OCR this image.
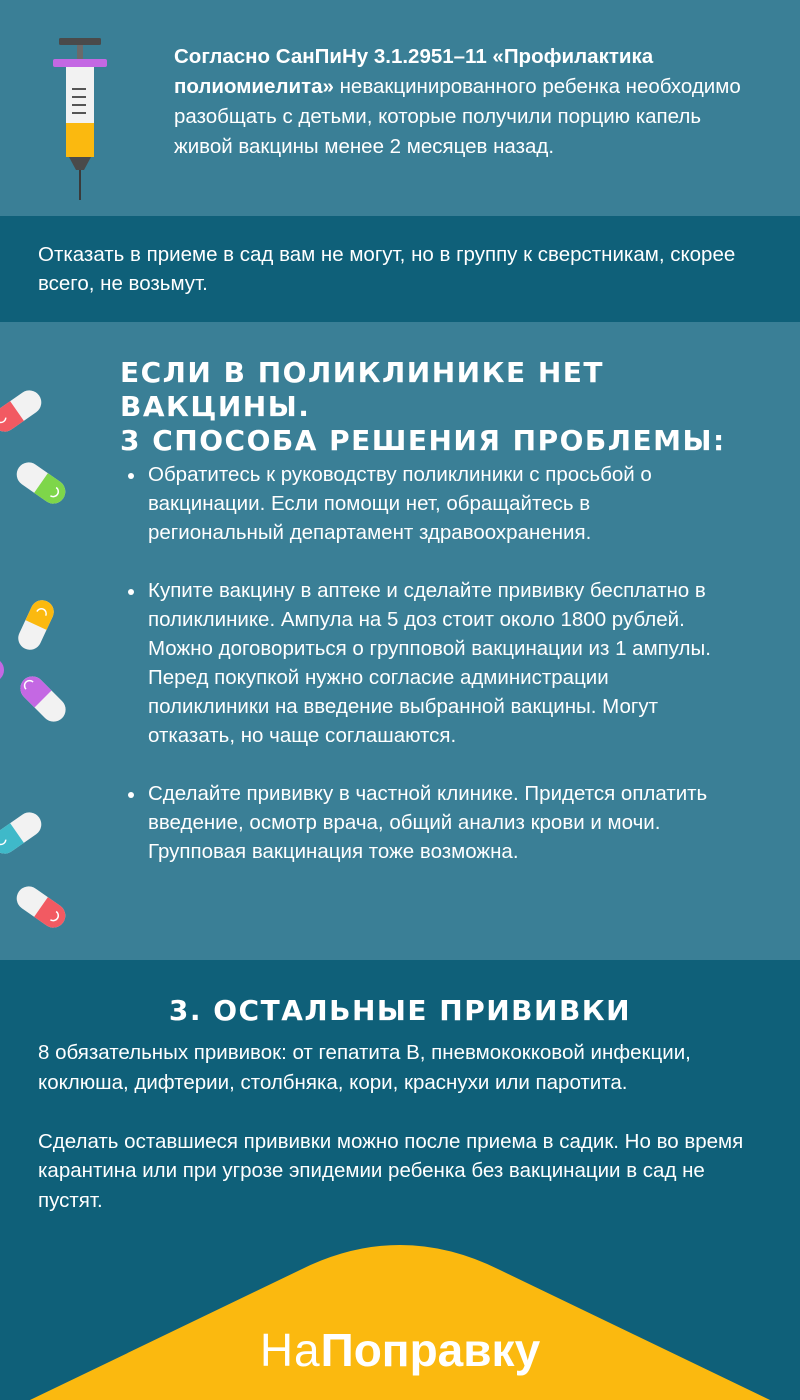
Согласно СанПиНу 3.1.2951–11 «Профилактика полиомиелита» невакцинированного ребенка необходимо разобщать с детьми, которые получили порцию капель живой вакцины менее 2 месяцев назад.

Отказать в приеме в сад вам не могут, но в группу к сверстникам, скорее всего, не возьмут.

ЕСЛИ В ПОЛИКЛИНИКЕ НЕТ ВАКЦИНЫ.
3 СПОСОБА РЕШЕНИЯ ПРОБЛЕМЫ:
Обратитесь к руководству поликлиники с просьбой о вакцинации. Если помощи нет, обращайтесь в региональный департамент здравоохранения.
Купите вакцину в аптеке и сделайте прививку бесплатно в поликлинике. Ампула на 5 доз стоит около 1800 рублей. Можно договориться о групповой вакцинации из 1 ампулы. Перед покупкой нужно согласие администрации поликлиники на введение выбранной вакцины. Могут отказать, но чаще соглашаются.
Сделайте прививку в частной клинике. Придется оплатить введение, осмотр врача, общий анализ крови и мочи. Групповая вакцинация тоже возможна.
3. ОСТАЛЬНЫЕ ПРИВИВКИ

8 обязательных прививок: от гепатита В, пневмококковой инфекции, коклюша, дифтерии, столбняка, кори, краснухи или паротита.

Сделать оставшиеся прививки можно после приема в садик. Но во время карантина или при угрозе эпидемии ребенка без вакцинации в сад не пустят.

НаПоправку
